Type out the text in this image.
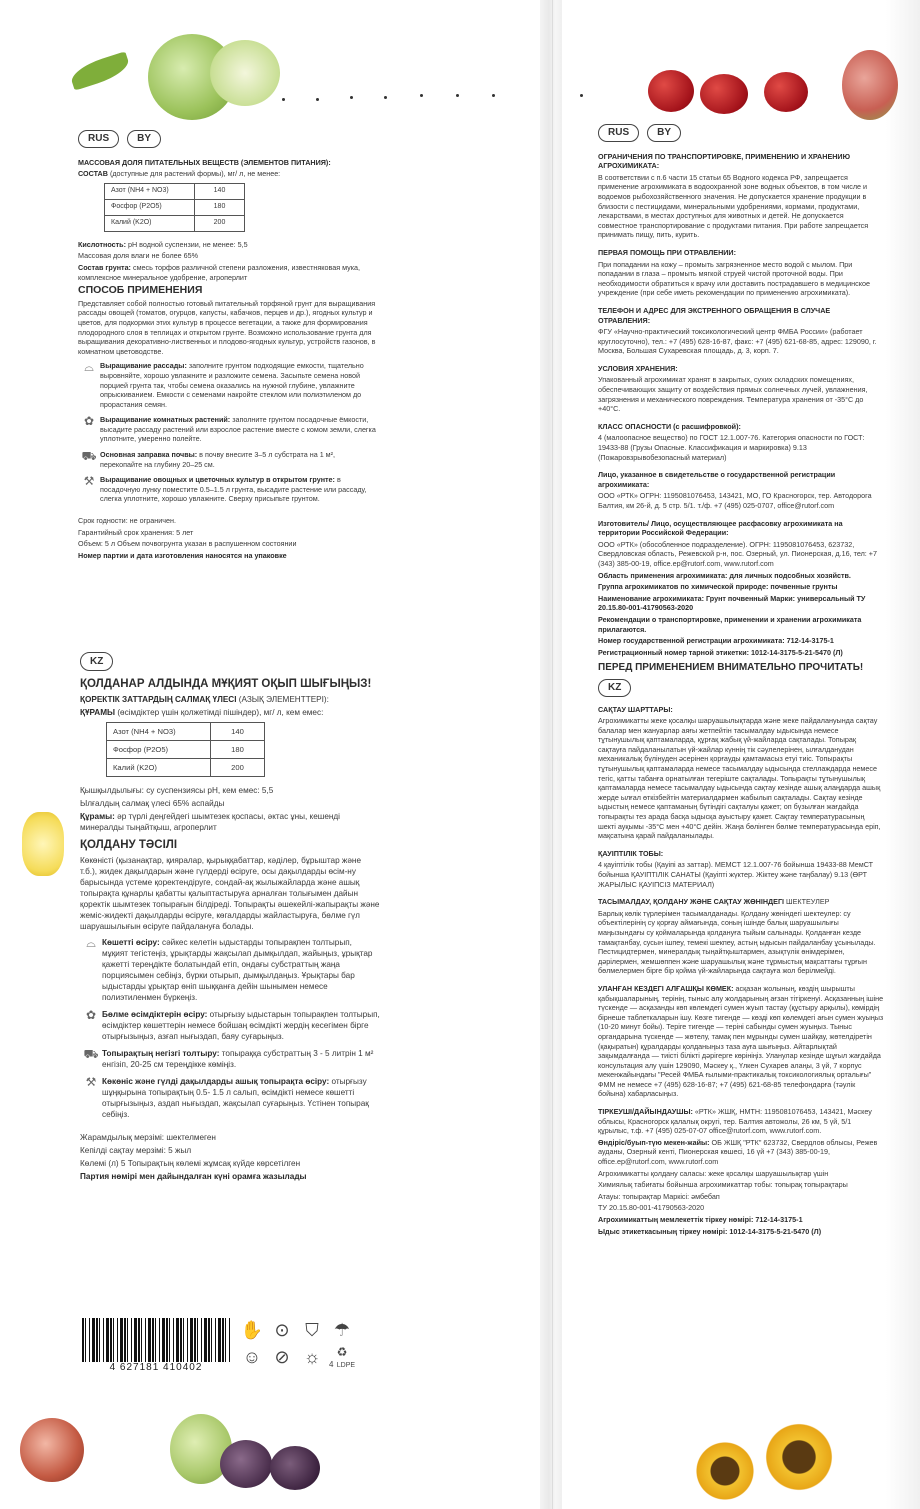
RUS	BY

МАССОВАЯ ДОЛЯ ПИТАТЕЛЬНЫХ ВЕЩЕСТВ (ЭЛЕМЕНТОВ ПИТАНИЯ):

СОСТАВ (доступные для растений формы), мг/ л, не менее:

Азот (NH4 + NO3)	140
Фосфор (P2O5)	180
Калий (K2O)	200

Кислотность: pH водной суспензии, не менее: 5,5

Массовая доля влаги не более 65%

Состав грунта: смесь торфов различной степени разложения, известняковая мука, комплексное минеральное удобрение, агроперлит

СПОСОБ ПРИМЕНЕНИЯ

Представляет собой полностью готовый питательный торфяной грунт для выращивания рассады овощей (томатов, огурцов, капусты, кабачков, перцев и др.), ягодных культур и цветов, для подкормки этих культур в процессе вегетации, а также для формирования плодородного слоя в теплицах и открытом грунте. Возможно использование грунта для выращивания декоративно-лиственных и плодово-ягодных культур, устройств газонов, в комнатном цветоводстве.

⌓ Выращивание рассады: заполните грунтом подходящие емкости, тщательно выровняйте, хорошо увлажните и разложите семена. Засыпьте семена новой порцией грунта так, чтобы семена оказались на нужной глубине, увлажните опрыскиванием. Емкости с семенами накройте стеклом или полиэтиленом до прорастания семян.
✿ Выращивание комнатных растений: заполните грунтом посадочные ёмкости, высадите рассаду растений или взрослое растение вместе с комом земли, слегка уплотните, умеренно полейте.
⛟ Основная заправка почвы: в почву внесите 3–5 л субстрата на 1 м², перекопайте на глубину 20–25 см.
⚒ Выращивание овощных и цветочных культур в открытом грунте: в посадочную лунку поместите 0.5–1.5 л грунта, высадите растение или рассаду, слегка уплотните, хорошо увлажните. Сверху присыпьте грунтом.

Срок годности: не ограничен.

Гарантийный срок хранения: 5 лет

Объем: 5 л Объем почвогрунта указан в распушенном состоянии

Номер партии и дата изготовления наносятся на упаковке

KZ
ҚОЛДАНАР АЛДЫНДА МҰҚИЯТ ОҚЫП ШЫҒЫҢЫЗ!

ҚОРЕКТІК ЗАТТАРДЫҢ САЛМАҚ ҮЛЕСІ (АЗЫҚ ЭЛЕМЕНТТЕРІ):

ҚҰРАМЫ (өсімдіктер үшін қолжетімді пішіндер), мг/ л, кем емес:

Азот (NH4 + NO3)	140
Фосфор (P2O5)	180
Калий (K2O)	200

Қышқылдылығы: су суспензиясы pH, кем емес: 5,5

Ылғалдың салмақ үлесі 65% аспайды

Құрамы: әр түрлі деңгейдегі шымтезек қоспасы, әктас ұны, кешенді минералды тыңайтқыш, агроперлит

ҚОЛДАНУ ТӘСІЛІ

Көкөністі (қызанақтар, қияралар, қырыққабаттар, кәділер, бұрыштар және т.б.), жидек дақылдарын және гүлдерді өсіруге, осы дақылдарды өсім-ну барысында үстеме қоректендіруге, сондай-ақ жылыжайларда және ашық топырақта құнарлы қабатты қалыптастыруға арналған толығымен дайын қоректік шымтезек топырағын білдіреді. Топырақты әшекейлі-жапырақты және жеміс-жидекті дақылдарды өсіруге, көгалдарды жайластыруға, бөлме гүл шаруашылығын өсіруге пайдалануға болады.

⌓ Көшетті өсіру: сәйкес келетін ыдыстарды топырақпен толтырып, мұқият тегістеңіз, ұрықтарды жақсылап дымқылдап, жайыңыз, ұрықтар қажетті тереңдікте болатындай етіп, ондағы субстраттың жаңа порциясымен себіңіз, бүрки отырып, дымқылдаңыз. Ұрықтары бар ыдыстарды ұрықтар өніп шыққанға дейін шынымен немесе полиэтиленмен бүркеңіз.
✿ Бөлме өсімдіктерін өсіру: отырғызу ыдыстарын топырақпен толтырып, өсімдіктер көшеттерін немесе бойшаң өсімдікті жердің кесегімен бірге отырғызыңыз, азғап нығыздап, баяу суғарыңыз.
⛟ Топырақтың негізгі толтыру: топыраққа субстраттың 3 - 5 литрін 1 м² енгізіп, 20-25 см тереңдікке көміңіз.
⚒ Көкөніс және гүлді дақылдарды ашық топырақта өсіру: отырғызу шұңқырына топырақтың 0.5- 1.5 л салып, өсімдікті немесе көшетті отырғызыңыз, аздап нығыздап, жақсылап суғарыңыз. Үстінен топырақ себіңіз.

Жарамдылық мерзімі: шектелмеген

Кепілді сақтау мерзімі: 5 жыл

Көлемі (л) 5 Топырақтың көлемі жұмсақ күйде көрсетілген

Партия нөмірі мен дайындалған күні орамға жазылады

4 627181 410402
✋ ⊙ ⛉ ☂
☺ ⊘ ☼	♻
4 LDPE
RUS	BY

ОГРАНИЧЕНИЯ ПО ТРАНСПОРТИРОВКЕ, ПРИМЕНЕНИЮ И ХРАНЕНИЮ АГРОХИМИКАТА:

В соответствии с п.6 части 15 статьи 65 Водного кодекса РФ, запрещается применение агрохимиката в водоохранной зоне водных объектов, в том числе и водоемов рыбохозяйственного значения. Не допускается хранение продукции в близости с пестицидами, минеральными удобрениями, кормами, продуктами, лекарствами, в местах доступных для животных и детей. Не допускается совместное транспортирование с продуктами питания. При работе запрещается принимать пищу, пить, курить.

ПЕРВАЯ ПОМОЩЬ ПРИ ОТРАВЛЕНИИ:

При попадании на кожу – промыть загрязненное место водой с мылом. При попадании в глаза – промыть мягкой струей чистой проточной воды. При необходимости обратиться к врачу или доставить пострадавшего в медицинское учреждение (при себе иметь рекомендации по применению агрохимиката).

ТЕЛЕФОН И АДРЕС ДЛЯ ЭКСТРЕННОГО ОБРАЩЕНИЯ В СЛУЧАЕ ОТРАВЛЕНИЯ:

ФГУ «Научно-практический токсикологический центр ФМБА России» (работает круглосуточно), тел.: +7 (495) 628-16-87, факс: +7 (495) 621-68-85, адрес: 129090, г. Москва, Большая Сухаревская площадь, д. 3, корп. 7.

УСЛОВИЯ ХРАНЕНИЯ:

Упакованный агрохимикат хранят в закрытых, сухих складских помещениях, обеспечивающих защиту от воздействия прямых солнечных лучей, увлажнения, загрязнения и механического повреждения. Температура хранения от -35°С до +40°С.

КЛАСС ОПАСНОСТИ (с расшифровкой):

4 (малоопасное вещество) по ГОСТ 12.1.007-76. Категория опасности по ГОСТ: 19433-88 (Грузы Опасные. Классификация и маркировка) 9.13 (Пожаровзрывобезопасный материал)

Лицо, указанное в свидетельстве о государственной регистрации агрохимиката:

ООО «РТК» ОГРН: 1195081076453, 143421, МО, ГО Красногорск, тер. Автодорога Балтия, км 26-й, д. 5 стр. 5/1. т./ф. +7 (495) 025-0707, office@rutorf.com

Изготовитель/ Лицо, осуществляющее расфасовку агрохимиката на территории Российской Федерации:

ООО «РТК» (обособленное подразделение). ОГРН: 1195081076453, 623732, Свердловская область, Режевской р-н, пос. Озерный, ул. Пионерская, д.16, тел: +7 (343) 385-00-19, office.ep@rutorf.com, www.rutorf.com

Область применения агрохимиката: для личных подсобных хозяйств.

Группа агрохимикатов по химической природе: почвенные грунты

Наименование агрохимиката: Грунт почвенный Марки: универсальный ТУ 20.15.80-001-41790563-2020

Рекомендации о транспортировке, применении и хранении агрохимиката прилагаются.

Номер государственной регистрации агрохимиката: 712-14-3175-1

Регистрационный номер тарной этикетки: 1012-14-3175-5-21-5470 (Л)

ПЕРЕД ПРИМЕНЕНИЕМ ВНИМАТЕЛЬНО ПРОЧИТАТЬ!
KZ

САҚТАУ ШАРТТАРЫ:

Агрохимикатты жеке қосалқы шаруашылықтарда және жеке пайдалануында сақтау балалар мен жануарлар аяғы жетпейтін тасымалдау ыдысында немесе тұтынушылық қаптамаларда, құрғақ жабық үй-жайларда сақталады. Топырақ сақтауға пайдаланылатын үй-жайлар күннің тік сәулелерінен, ылғалданудан механикалық бүлінуден әсерінен қорғауды қамтамасыз етуі тиіс. Топырақты тұтынушылық қаптамаларда немесе тасымалдау ыдысында стеллаждарда немесе тегіс, қатты табанға орнатылған тегеріште сақталады. Топырақты тұтынушылық қаптамаларда немесе тасымалдау ыдысында сақтау кезінде ашық алаңдарда ашық жерде ылғал өткізбейтін материалдармен жабылып сақталады. Сақтау кезінде ыдыстың немесе қаптаманың бүтіндігі сақталуы қажет; оп бүзылған жағдайда топырақты тез арада басқа ыдысқа ауыстыру қажет. Сақтау температурасының шекті ауқымы -35°С мен +40°С дейін. Жаңа бөлінген бөлме температурасында еріп, мақсатына қарай пайдаланылады.

ҚАУІПТІЛІК ТОБЫ:

4 қауіптілік тобы (Қауіпі аз заттар). МЕМСТ 12.1.007-76 бойынша 19433-88 МемСТ бойынша ҚАУІПТІЛІК САНАТЫ (Қауіпті жүктер. Жіктеу және таңбалау) 9.13 (ӨРТ ЖАРЫЛЫС ҚАУІПСІЗ МАТЕРИАЛ)

ТАСЫМАЛДАУ, ҚОЛДАНУ ЖӘНЕ САҚТАУ ЖӨНІНДЕГІ ШЕКТЕУЛЕР

Барлық көлік түрлерімен тасымалданады. Қолдану жөніндегі шектеулер: су объектілерінің су қорғау аймағында, соның ішінде балық шаруашылығы маңызындағы су қоймаларында қолдануға тыйым салынады. Қолданған кезде тамақтанбау, сусын ішпеу, темекі шекпеу, астың ыдысын пайдаланбау ұсынылады. Пестицидтермен, минералдық тыңайтқыштармен, азықтүлік өнімдерімен, дәрілермен, жемшөппен және шаруашылық және тұрмыстық мақсаттағы тұрғын бөлмелермен бірге бір қойма үй-жайларында сақтауға жол берілмейді.

УЛАНҒАН КЕЗДЕГІ АЛҒАШҚЫ КӨМЕК: асқазан жолының, көздің шырышты қабықшаларының, терінің, тыныс алу жолдарының ағзан тітіркенуі. Асқазанның ішіне түскенде — асқазанды көп көлемдегі сумен жуып тастау (құстыру арқылы), көмірдің бірнеше таблеткаларын ішу. Көзге тигенде — көзді көп көлемдегі ағын сумен жуыңыз (10-20 минут бойы). Теріге тигенде — теріні сабынды сумен жуыңыз. Тыныс органдарына түскенде — жөтелу, тамақ пен мұрынды сумен шайқау, жөтелдіретін (қақыратын) құралдарды қолданыңыз таза ауға шығыңыз. Айтарлықтай зақымдалғанда — тиісті білікті дәрігерге көрініңіз. Уланулар кезінде шұғыл жағдайда консультация алу үшін 129090, Мәскеу қ., Үлкен Сухарев алаңы, 3 үй, 7 корпус мекенжайындағы "Ресей ФМБА ғылыми-практикалық токсикологиялық орталығы" ФММ не немесе +7 (495) 628-16-87; +7 (495) 621-68-85 телефондарға (тәулік бойына) хабарласыңыз.

ТІРКЕУШІ/ДАЙЫНДАУШЫ: «РТК» ЖШҚ, НМТН: 1195081076453, 143421, Мәскеу облысы, Красногорск қалалық округі, тер. Балтия автожолы, 26 км, 5 үй, 5/1 құрылыс, т.ф. +7 (495) 025-07-07 office@rutorf.com, www.rutorf.com.

Өндіріс/буып-түю мекен-жайы: ОБ ЖШҚ "РТК" 623732, Свердлов облысы, Режев ауданы, Озерный кенті, Пионерская көшесі, 16 үй +7 (343) 385-00-19, office.ep@rutorf.com, www.rutorf.com

Агрохимикатты қолдану саласы: жеке қосалқы шаруашылықтар үшін

Химиялық табиғаты бойынша агрохимикаттар тобы: топырақ топырақтары

Атауы: топырақтар Маркісі: әмбебап

ТУ 20.15.80-001-41790563-2020

Агрохимикаттың мемлекеттік тіркеу нөмірі: 712-14-3175-1

Ыдыс этикеткасының тіркеу нөмірі: 1012-14-3175-5-21-5470 (Л)
